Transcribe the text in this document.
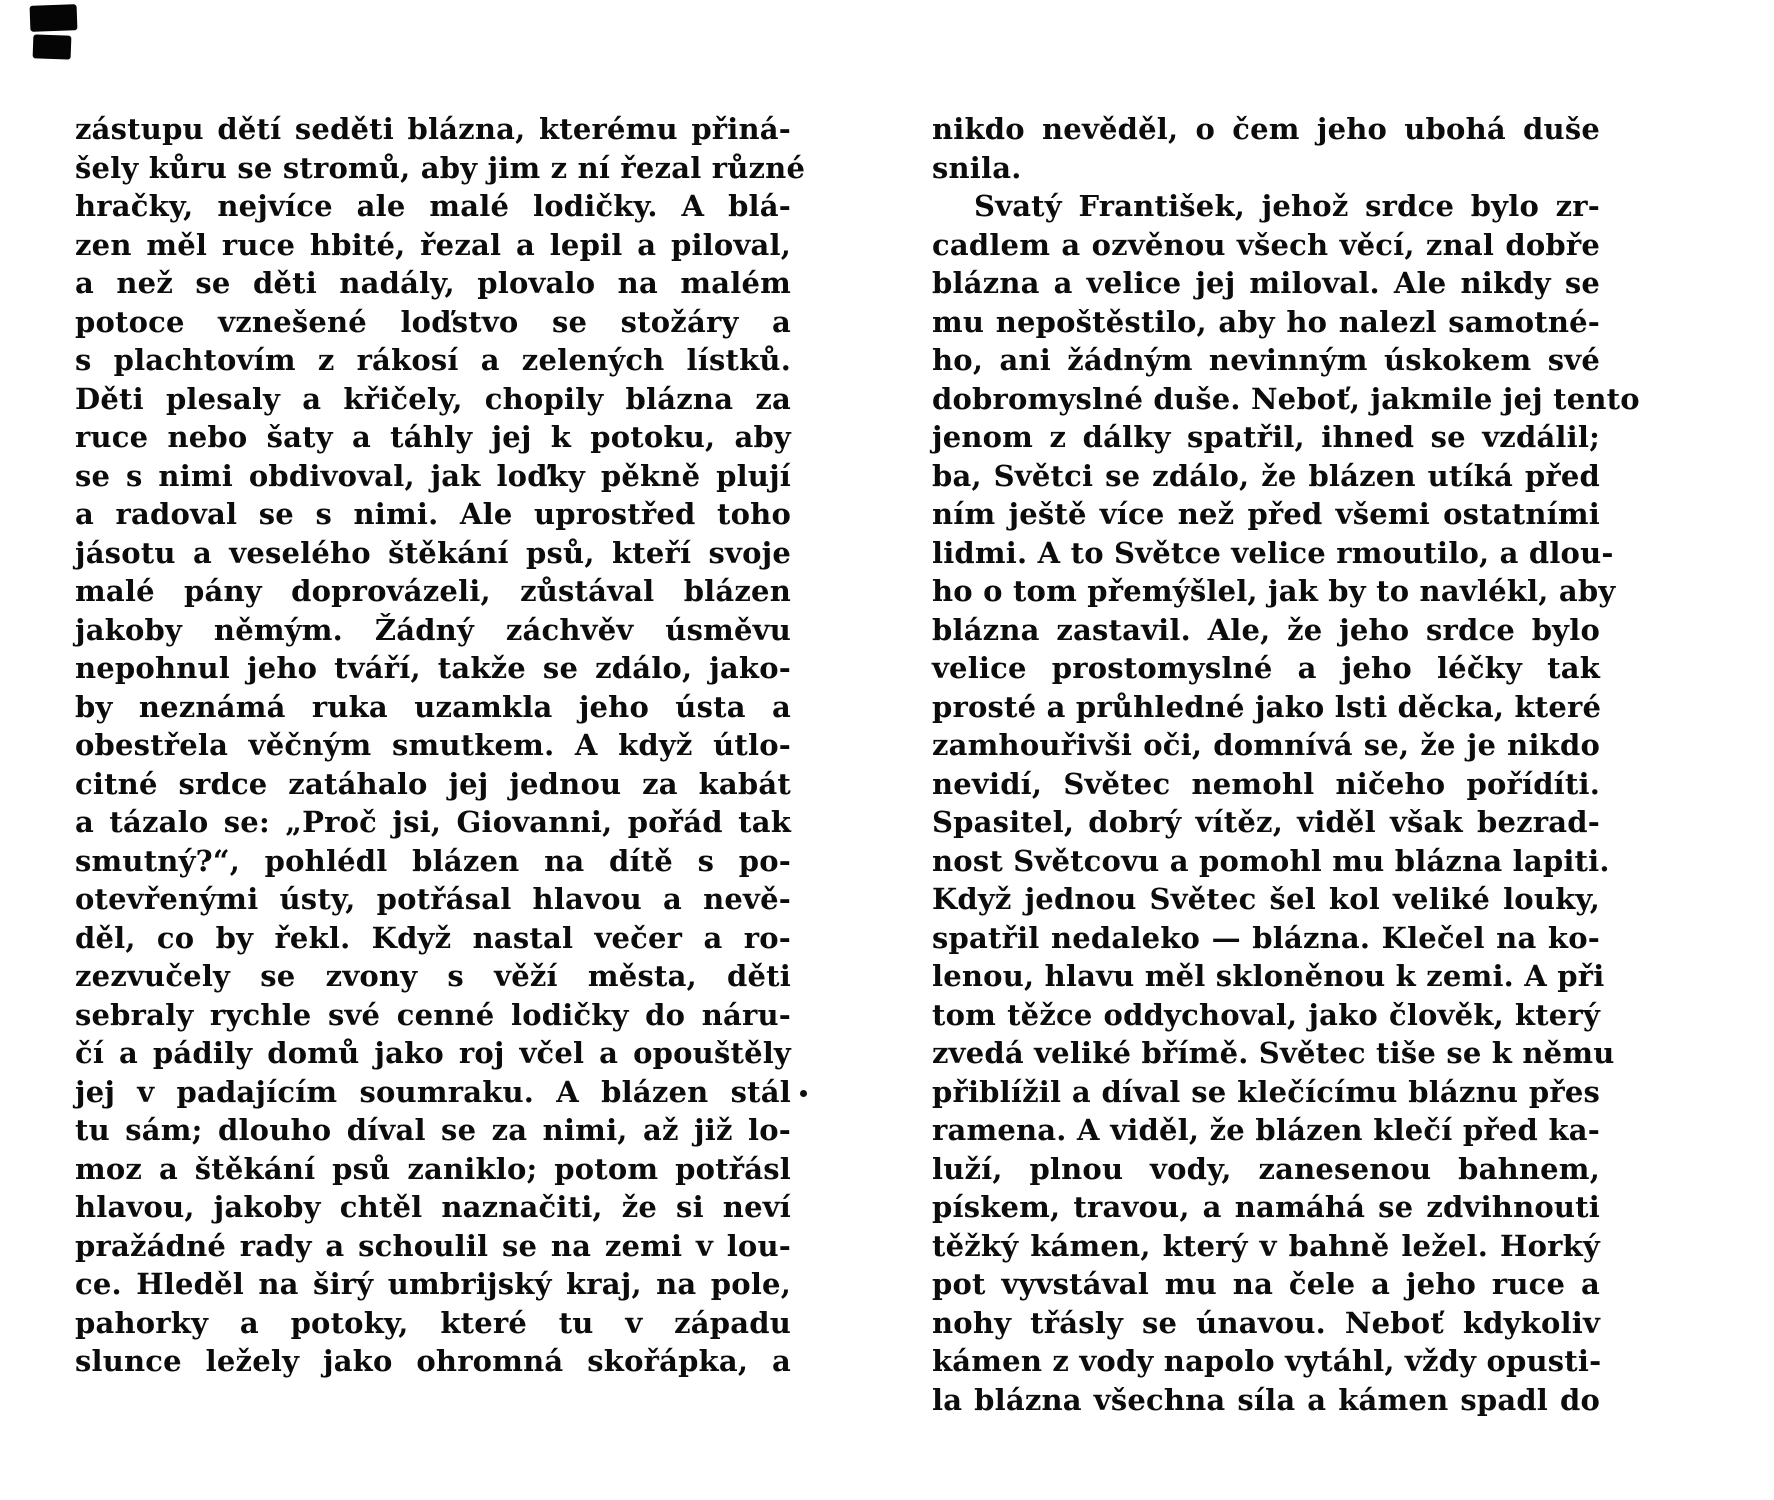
zástupu dětí seděti blázna, kterému přiná-
šely kůru se stromů, aby jim z ní řezal různé
hračky, nejvíce ale malé lodičky. A blá-
zen měl ruce hbité, řezal a lepil a piloval,
a než se děti nadály, plovalo na malém
potoce vznešené loďstvo se stožáry a
s plachtovím z rákosí a zelených lístků.
Děti plesaly a křičely, chopily blázna za
ruce nebo šaty a táhly jej k potoku, aby
se s nimi obdivoval, jak loďky pěkně plují
a radoval se s nimi. Ale uprostřed toho
jásotu a veselého štěkání psů, kteří svoje
malé pány doprovázeli, zůstával blázen
jakoby němým. Žádný záchvěv úsměvu
nepohnul jeho tváří, takže se zdálo, jako-
by neznámá ruka uzamkla jeho ústa a
obestřela věčným smutkem. A když útlo-
citné srdce zatáhalo jej jednou za kabát
a tázalo se: „Proč jsi, Giovanni, pořád tak
smutný?“, pohlédl blázen na dítě s po-
otevřenými ústy, potřásal hlavou a nevě-
děl, co by řekl. Když nastal večer a ro-
zezvučely se zvony s věží města, děti
sebraly rychle své cenné lodičky do náru-
čí a pádily domů jako roj včel a opouštěly
jej v padajícím soumraku. A blázen stál
tu sám; dlouho díval se za nimi, až již lo-
moz a štěkání psů zaniklo; potom potřásl
hlavou, jakoby chtěl naznačiti, že si neví
pražádné rady a schoulil se na zemi v lou-
ce. Hleděl na širý umbrijský kraj, na pole,
pahorky a potoky, které tu v západu
slunce ležely jako ohromná skořápka, a
nikdo nevěděl, o čem jeho ubohá duše
snila.
Svatý František, jehož srdce bylo zr-
cadlem a ozvěnou všech věcí, znal dobře
blázna a velice jej miloval. Ale nikdy se
mu nepoštěstilo, aby ho nalezl samotné-
ho, ani žádným nevinným úskokem své
dobromyslné duše. Neboť, jakmile jej tento
jenom z dálky spatřil, ihned se vzdálil;
ba, Světci se zdálo, že blázen utíká před
ním ještě více než před všemi ostatními
lidmi. A to Světce velice rmoutilo, a dlou-
ho o tom přemýšlel, jak by to navlékl, aby
blázna zastavil. Ale, že jeho srdce bylo
velice prostomyslné a jeho léčky tak
prosté a průhledné jako lsti děcka, které
zamhouřivši oči, domnívá se, že je nikdo
nevidí, Světec nemohl ničeho pořídíti.
Spasitel, dobrý vítěz, viděl však bezrad-
nost Světcovu a pomohl mu blázna lapiti.
Když jednou Světec šel kol veliké louky,
spatřil nedaleko — blázna. Klečel na ko-
lenou, hlavu měl skloněnou k zemi. A při
tom těžce oddychoval, jako člověk, který
zvedá veliké břímě. Světec tiše se k němu
přiblížil a díval se klečícímu bláznu přes
ramena. A viděl, že blázen klečí před ka-
luží, plnou vody, zanesenou bahnem,
pískem, travou, a namáhá se zdvihnouti
těžký kámen, který v bahně ležel. Horký
pot vyvstával mu na čele a jeho ruce a
nohy třásly se únavou. Neboť kdykoliv
kámen z vody napolo vytáhl, vždy opusti-
la blázna všechna síla a kámen spadl do
